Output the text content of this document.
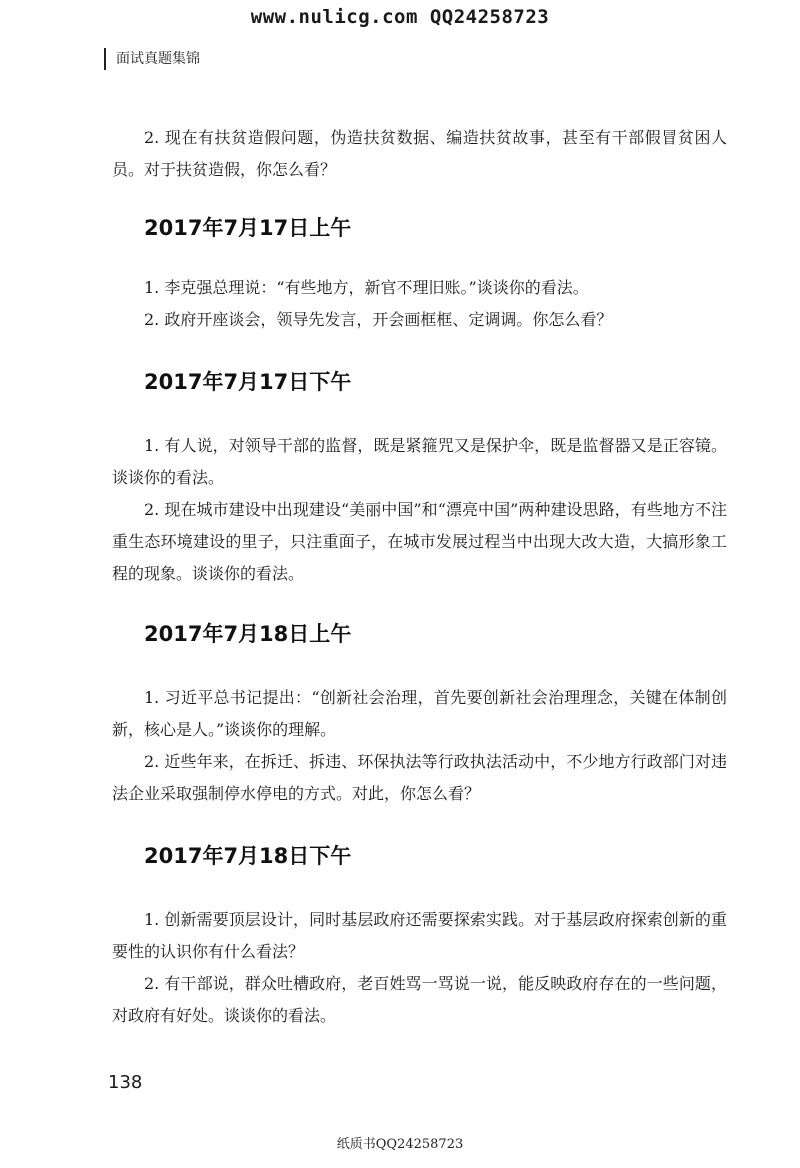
www.nulicg.com QQ24258723
面试真题集锦

2. 现在有扶贫造假问题，伪造扶贫数据、编造扶贫故事，甚至有干部假冒贫困人员。对于扶贫造假，你怎么看？

2017年7月17日上午

1. 李克强总理说：“有些地方，新官不理旧账。”谈谈你的看法。

2. 政府开座谈会，领导先发言，开会画框框、定调调。你怎么看？

2017年7月17日下午

1. 有人说，对领导干部的监督，既是紧箍咒又是保护伞，既是监督器又是正容镜。谈谈你的看法。

2. 现在城市建设中出现建设“美丽中国”和“漂亮中国”两种建设思路，有些地方不注重生态环境建设的里子，只注重面子，在城市发展过程当中出现大改大造，大搞形象工程的现象。谈谈你的看法。

2017年7月18日上午

1. 习近平总书记提出：“创新社会治理，首先要创新社会治理理念，关键在体制创新，核心是人。”谈谈你的理解。

2. 近些年来，在拆迁、拆违、环保执法等行政执法活动中，不少地方行政部门对违法企业采取强制停水停电的方式。对此，你怎么看？

2017年7月18日下午

1. 创新需要顶层设计，同时基层政府还需要探索实践。对于基层政府探索创新的重要性的认识你有什么看法？

2. 有干部说，群众吐槽政府，老百姓骂一骂说一说，能反映政府存在的一些问题，对政府有好处。谈谈你的看法。

138
纸质书QQ24258723
